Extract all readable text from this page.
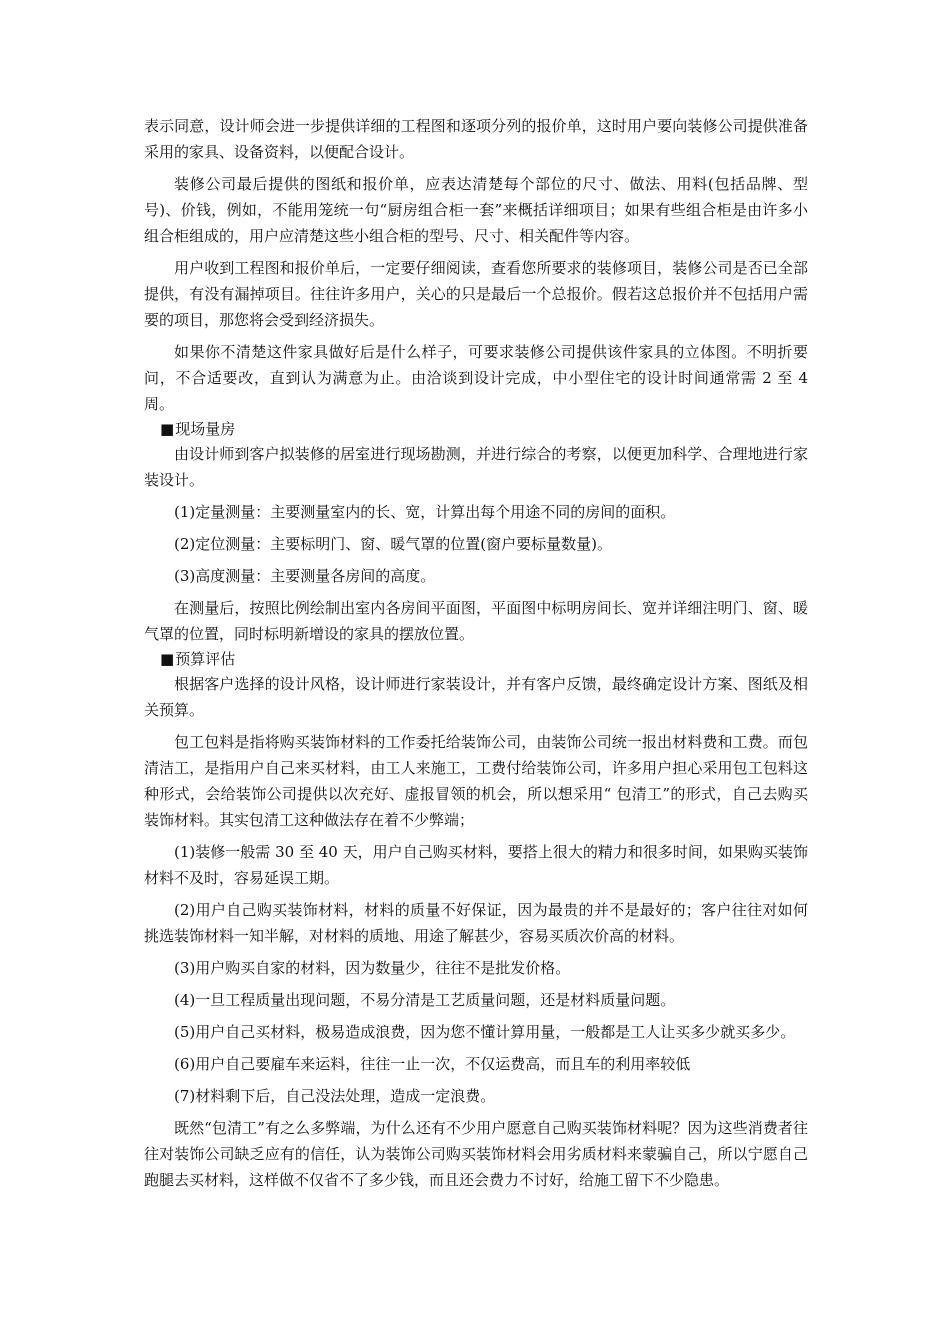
表示同意，设计师会进一步提供详细的工程图和逐项分列的报价单，这时用户要向装修公司提供准备采用的家具、设备资料，以便配合设计。

装修公司最后提供的图纸和报价单，应表达清楚每个部位的尺寸、做法、用料(包括品牌、型号)、价钱，例如，不能用笼统一句“厨房组合柜一套”来概括详细项目；如果有些组合柜是由许多小组合柜组成的，用户应清楚这些小组合柜的型号、尺寸、相关配件等内容。

用户收到工程图和报价单后，一定要仔细阅读，查看您所要求的装修项目，装修公司是否已全部提供，有没有漏掉项目。往往许多用户，关心的只是最后一个总报价。假若这总报价并不包括用户需要的项目，那您将会受到经济损失。

如果你不清楚这件家具做好后是什么样子，可要求装修公司提供该件家具的立体图。不明折要问，不合适要改，直到认为满意为止。由洽谈到设计完成，中小型住宅的设计时间通常需 2 至 4 周。

■现场量房

由设计师到客户拟装修的居室进行现场勘测，并进行综合的考察，以便更加科学、合理地进行家装设计。

(1)定量测量：主要测量室内的长、宽，计算出每个用途不同的房间的面积。

(2)定位测量：主要标明门、窗、暖气罩的位置(窗户要标量数量)。

(3)高度测量：主要测量各房间的高度。

在测量后，按照比例绘制出室内各房间平面图，平面图中标明房间长、宽并详细注明门、窗、暖气罩的位置，同时标明新增设的家具的摆放位置。

■预算评估

根据客户选择的设计风格，设计师进行家装设计，并有客户反馈，最终确定设计方案、图纸及相关预算。

包工包料是指将购买装饰材料的工作委托给装饰公司，由装饰公司统一报出材料费和工费。而包清洁工，是指用户自己来买材料，由工人来施工，工费付给装饰公司，许多用户担心采用包工包料这种形式，会给装饰公司提供以次充好、虚报冒领的机会，所以想采用“ 包清工”的形式，自己去购买装饰材料。其实包清工这种做法存在着不少弊端；

(1)装修一般需 30 至 40 天，用户自己购买材料，要搭上很大的精力和很多时间，如果购买装饰材料不及时，容易延误工期。

(2)用户自己购买装饰材料，材料的质量不好保证，因为最贵的并不是最好的；客户往往对如何挑选装饰材料一知半解，对材料的质地、用途了解甚少，容易买质次价高的材料。

(3)用户购买自家的材料，因为数量少，往往不是批发价格。

(4)一旦工程质量出现问题，不易分清是工艺质量问题，还是材料质量问题。

(5)用户自己买材料，极易造成浪费，因为您不懂计算用量，一般都是工人让买多少就买多少。

(6)用户自己要雇车来运料，往往一止一次，不仅运费高，而且车的利用率较低

(7)材料剩下后，自己没法处理，造成一定浪费。

既然“包清工”有之么多弊端，为什么还有不少用户愿意自己购买装饰材料呢？因为这些消费者往往对装饰公司缺乏应有的信任，认为装饰公司购买装饰材料会用劣质材料来蒙骗自己，所以宁愿自己跑腿去买材料，这样做不仅省不了多少钱，而且还会费力不讨好，给施工留下不少隐患。
